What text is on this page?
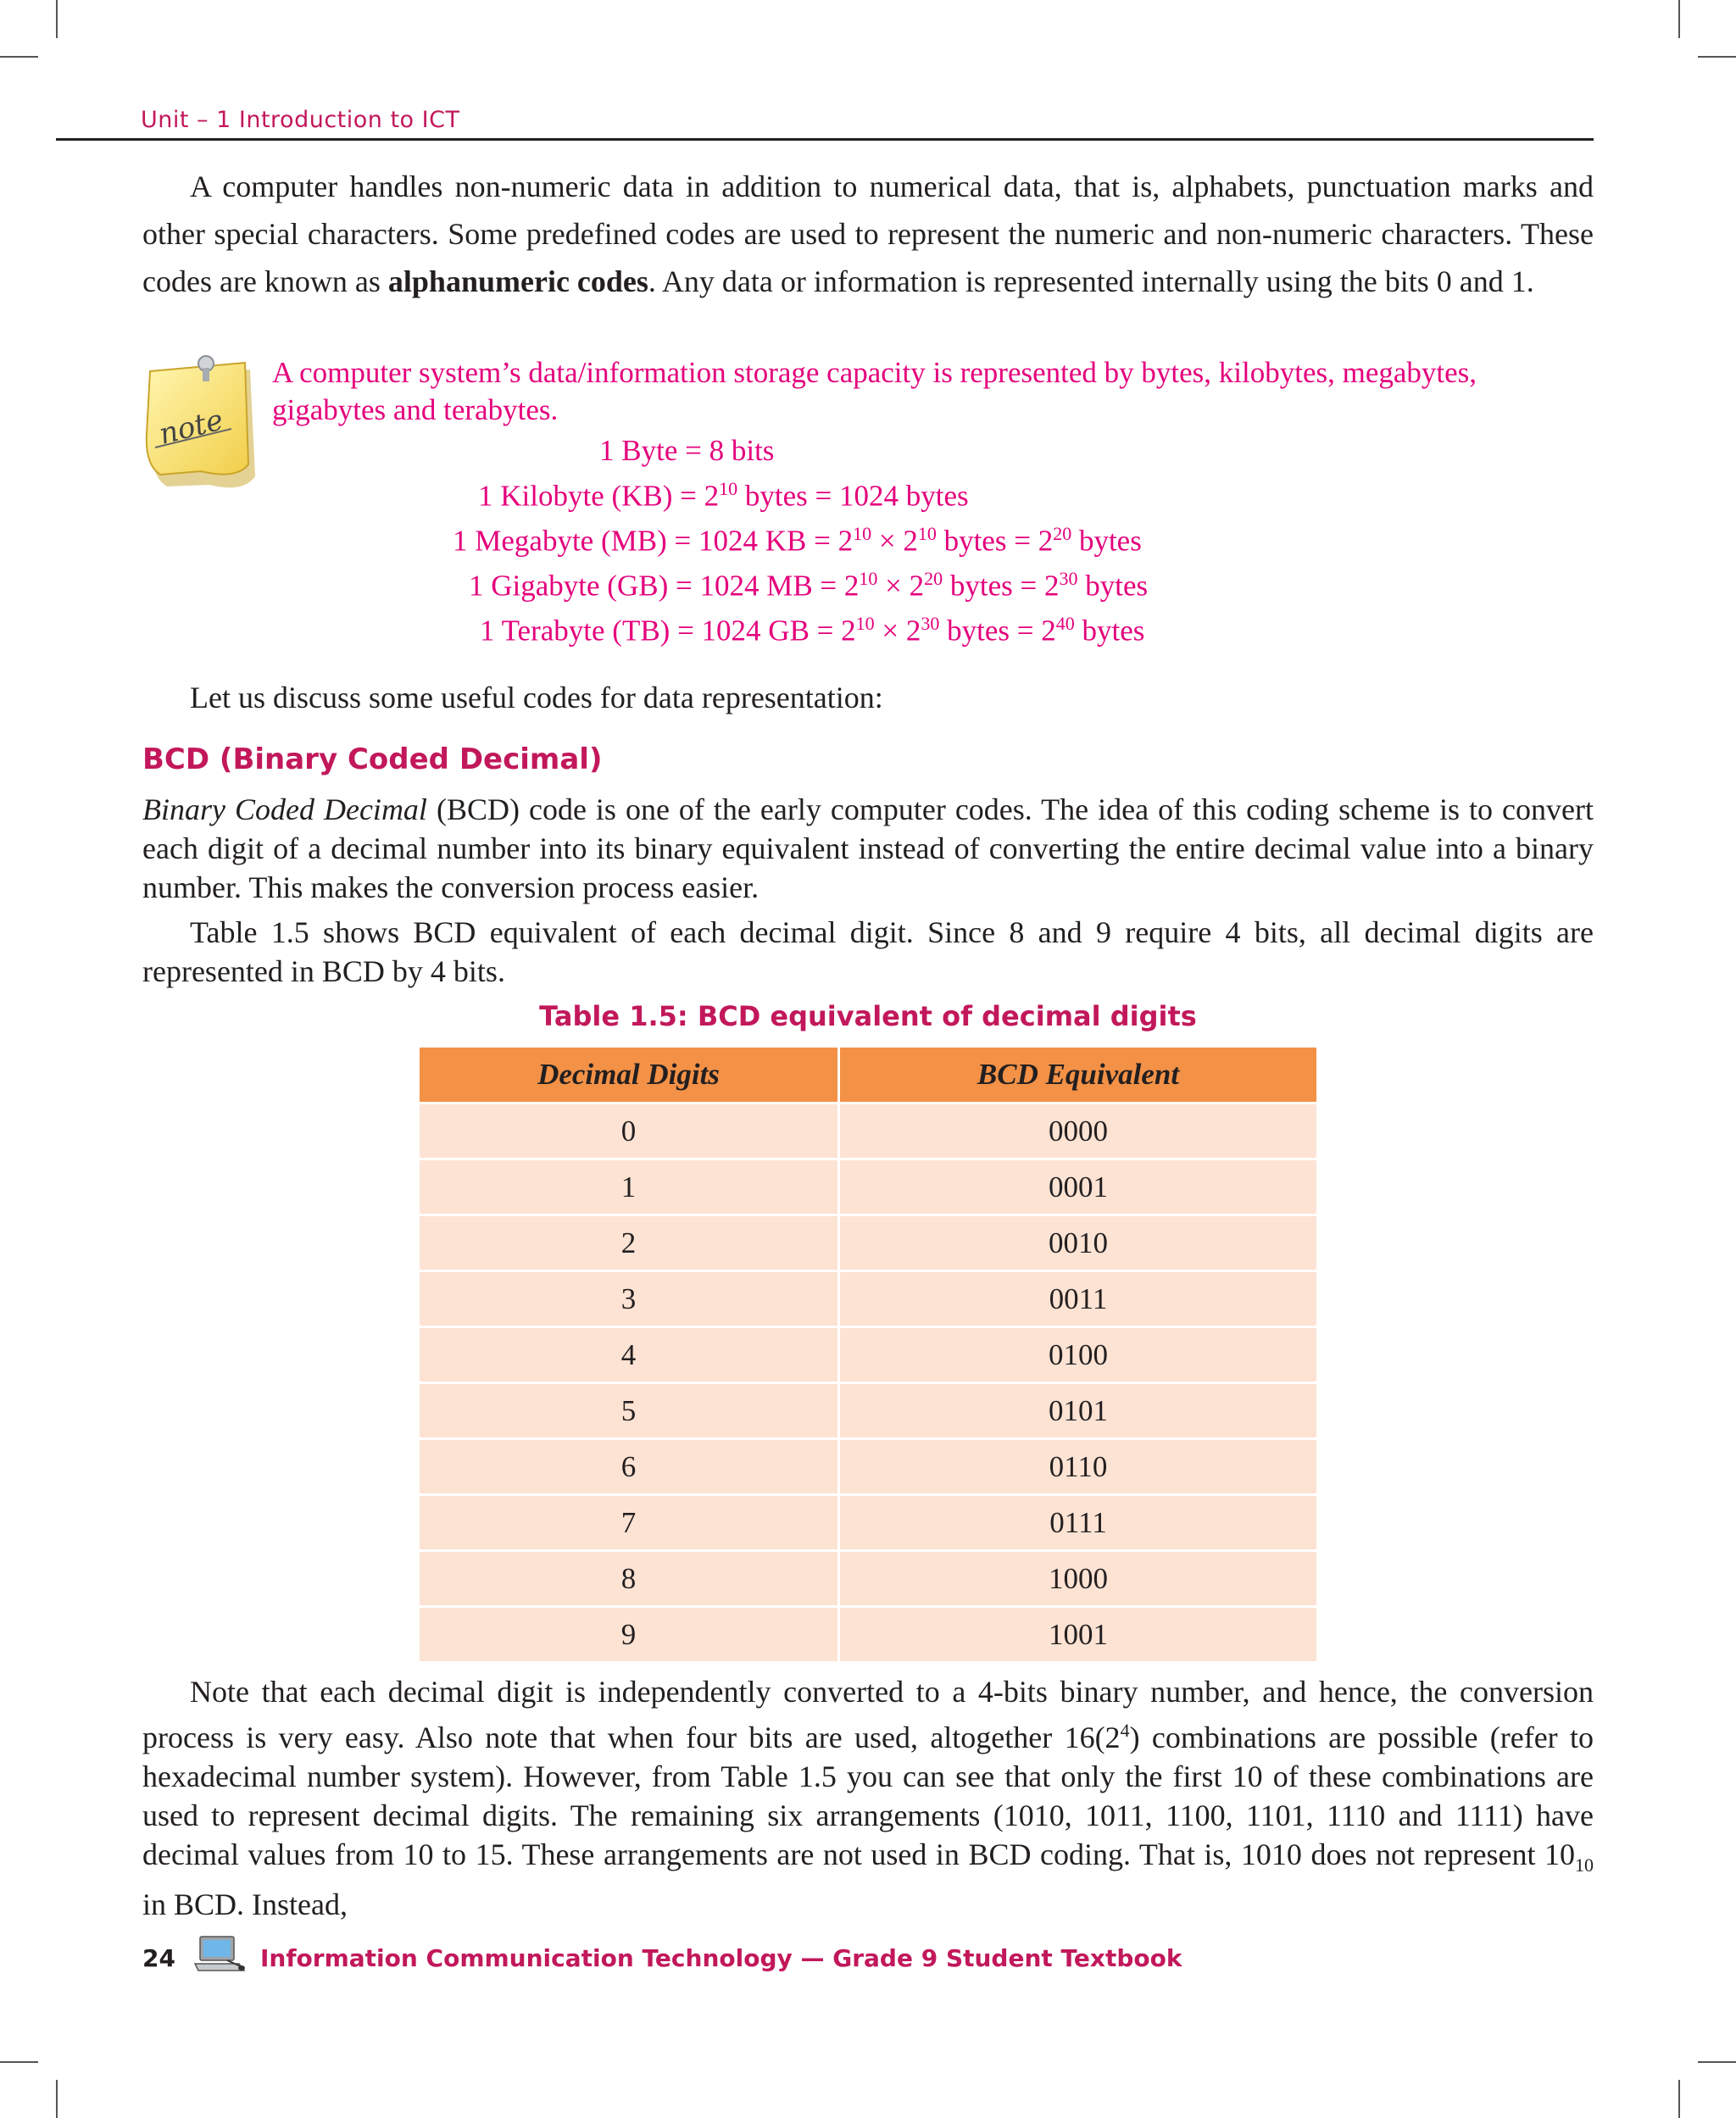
Unit – 1 Introduction to ICT

A computer handles non-numeric data in addition to numerical data, that is, alphabets, punctuation marks and other special characters. Some predefined codes are used to represent the numeric and non-numeric characters. These codes are known as alphanumeric codes. Any data or information is represented internally using the bits 0 and 1.

note

A computer system’s data/information storage capacity is represented by bytes, kilobytes, megabytes, gigabytes and terabytes.

1 Byte = 8 bits
1 Kilobyte $(KB) = 2^{10}$ bytes = 1024 bytes
1 Megabyte (MB) = 1024 KB = $2^{10} \times 2^{10}$ bytes = $2^{20}$ bytes
1 Gigabyte (GB) = 1024 MB = $2^{10} \times 2^{20}$ bytes = $2^{30}$ bytes
1 Terabyte (TB) = 1024 GB = $2^{10} \times 2^{30}$ bytes = $2^{40}$ bytes

Let us discuss some useful codes for data representation:

BCD (Binary Coded Decimal)

Binary Coded Decimal (BCD) code is one of the early computer codes. The idea of this coding scheme is to convert each digit of a decimal number into its binary equivalent instead of converting the entire decimal value into a binary number. This makes the conversion process easier.

Table 1.5 shows BCD equivalent of each decimal digit. Since 8 and 9 require 4 bits, all decimal digits are represented in BCD by 4 bits.

Table 1.5: BCD equivalent of decimal digits
Decimal Digits	BCD Equivalent
0	0000
1	0001
2	0010
3	0011
4	0100
5	0101
6	0110
7	0111
8	1000
9	1001

Note that each decimal digit is independently converted to a 4-bits binary number, and hence, the conversion process is very easy. Also note that when four bits are used, altogether $16(2^4)$ combinations are possible (refer to hexadecimal number system). However, from Table 1.5 you can see that only the first 10 of these combinations are used to represent decimal digits. The remaining six arrangements (1010, 1011, 1100, 1101, 1110 and 1111) have decimal values from 10 to 15. These arrangements are not used in BCD coding. That is, 1010 does not represent $10_{10}$ in BCD. Instead,

24	Information Communication Technology — Grade 9 Student Textbook
